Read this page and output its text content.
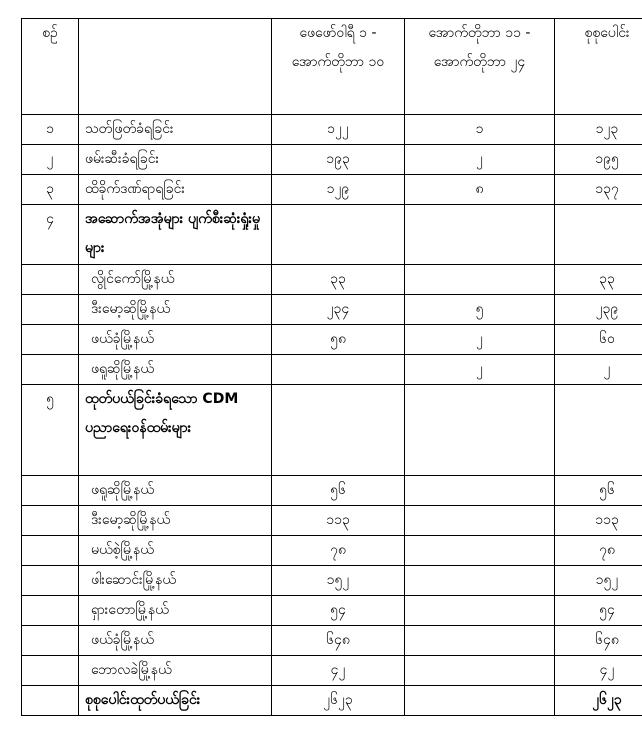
စဉ်		ဖေဖော်ဝါရီ ၁ - အောက်တိုဘာ ၁၀	အောက်တိုဘာ ၁၁ - အောက်တိုဘာ ၂၄	စုစုပေါင်း
၁	သတ်ဖြတ်ခံရခြင်း	၁၂၂	၁	၁၂၃
၂	ဖမ်းဆီးခံရခြင်း	၁၉၃	၂	၁၉၅
၃	ထိခိုက်ဒဏ်ရာရခြင်း	၁၂၉	၈	၁၃၇
၄	အဆောက်အအုံများ ပျက်စီးဆုံးရှုံးမှုများ			
	လွိုင်ကော်မြို့နယ်	၃၃		၃၃
	ဒီးမော့ဆိုမြို့နယ်	၂၃၄	၅	၂၃၉
	ဖယ်ခုံမြို့နယ်	၅၈	၂	၆၀
	ဖရူဆိုမြို့နယ်		၂	၂
၅	ထုတ်ပယ်ခြင်းခံရသော CDM ပညာရေးဝန်ထမ်းများ			
	ဖရူဆိုမြို့နယ်	၅၆		၅၆
	ဒီးမော့ဆိုမြို့နယ်	၁၁၃		၁၁၃
	မယ်စဲ့မြို့နယ်	၇၈		၇၈
	ဖါးဆောင်းမြို့နယ်	၁၅၂		၁၅၂
	ရှားတောမြို့နယ်	၅၄		၅၄
	ဖယ်ခုံမြို့နယ်	၆၄၈		၆၄၈
	ဘောလခဲမြို့နယ်	၄၂		၄၂
	စုစုပေါင်းထုတ်ပယ်ခြင်း	၂၆၂၃		၂၆၂၃
